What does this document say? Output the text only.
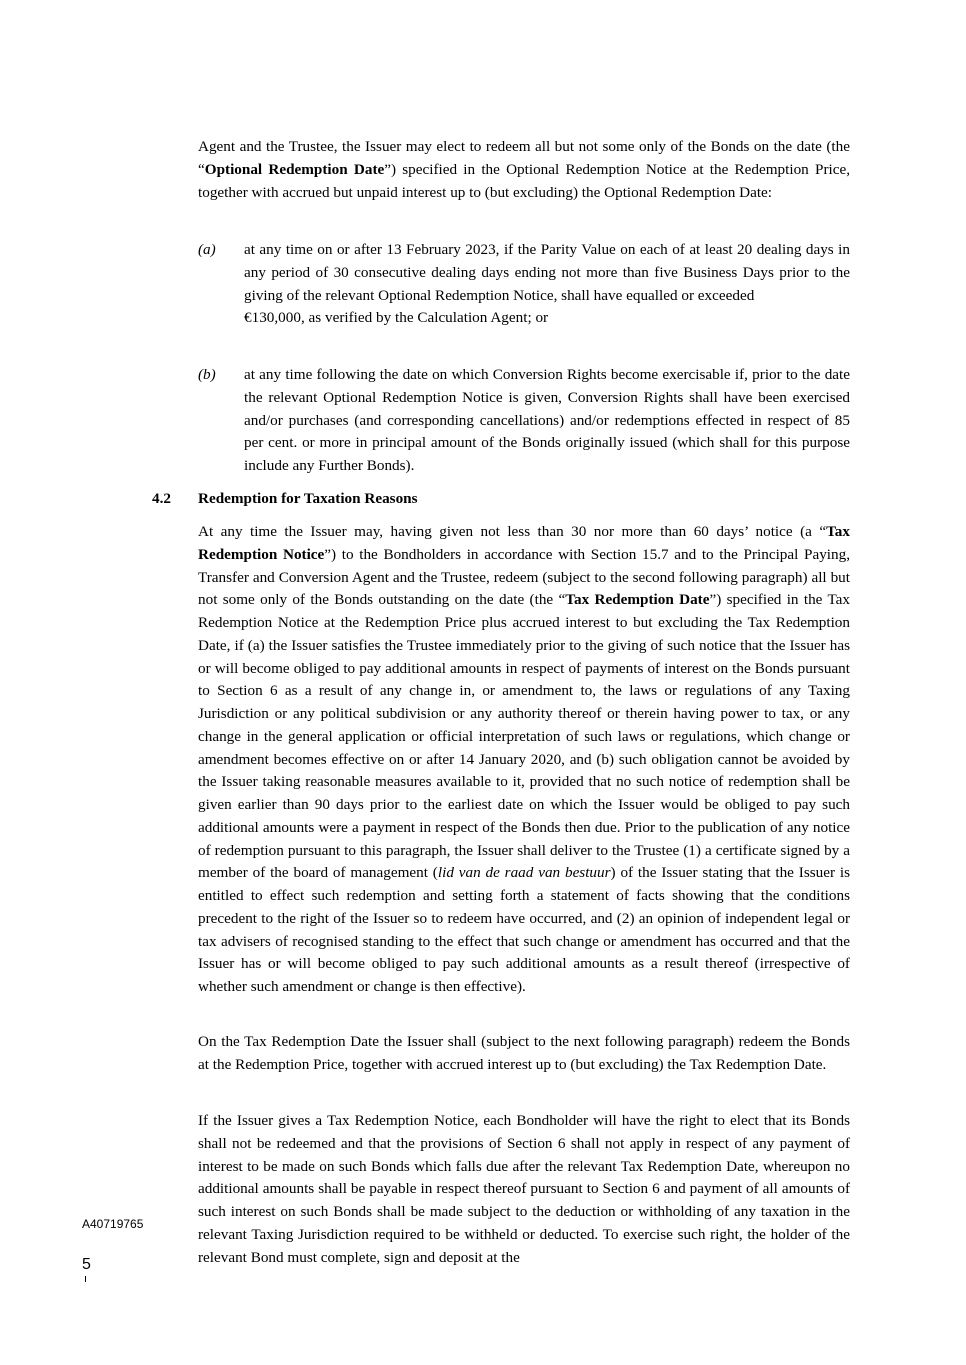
Agent and the Trustee, the Issuer may elect to redeem all but not some only of the Bonds on the date (the “Optional Redemption Date”) specified in the Optional Redemption Notice at the Redemption Price, together with accrued but unpaid interest up to (but excluding) the Optional Redemption Date:

(a) at any time on or after 13 February 2023, if the Parity Value on each of at least 20 dealing days in any period of 30 consecutive dealing days ending not more than five Business Days prior to the giving of the relevant Optional Redemption Notice, shall have equalled or exceeded
€130,000, as verified by the Calculation Agent; or

(b) at any time following the date on which Conversion Rights become exercisable if, prior to the date the relevant Optional Redemption Notice is given, Conversion Rights shall have been exercised and/or purchases (and corresponding cancellations) and/or redemptions effected in respect of 85 per cent. or more in principal amount of the Bonds originally issued (which shall for this purpose include any Further Bonds).

4.2 Redemption for Taxation Reasons

At any time the Issuer may, having given not less than 30 nor more than 60 days’ notice (a “Tax Redemption Notice”) to the Bondholders in accordance with Section 15.7 and to the Principal Paying, Transfer and Conversion Agent and the Trustee, redeem (subject to the second following paragraph) all but not some only of the Bonds outstanding on the date (the “Tax Redemption Date”) specified in the Tax Redemption Notice at the Redemption Price plus accrued interest to but excluding the Tax Redemption Date, if (a) the Issuer satisfies the Trustee immediately prior to the giving of such notice that the Issuer has or will become obliged to pay additional amounts in respect of payments of interest on the Bonds pursuant to Section 6 as a result of any change in, or amendment to, the laws or regulations of any Taxing Jurisdiction or any political subdivision or any authority thereof or therein having power to tax, or any change in the general application or official interpretation of such laws or regulations, which change or amendment becomes effective on or after 14 January 2020, and (b) such obligation cannot be avoided by the Issuer taking reasonable measures available to it, provided that no such notice of redemption shall be given earlier than 90 days prior to the earliest date on which the Issuer would be obliged to pay such additional amounts were a payment in respect of the Bonds then due. Prior to the publication of any notice of redemption pursuant to this paragraph, the Issuer shall deliver to the Trustee (1) a certificate signed by a member of the board of management (lid van de raad van bestuur) of the Issuer stating that the Issuer is entitled to effect such redemption and setting forth a statement of facts showing that the conditions precedent to the right of the Issuer so to redeem have occurred, and (2) an opinion of independent legal or tax advisers of recognised standing to the effect that such change or amendment has occurred and that the Issuer has or will become obliged to pay such additional amounts as a result thereof (irrespective of whether such amendment or change is then effective).

On the Tax Redemption Date the Issuer shall (subject to the next following paragraph) redeem the Bonds at the Redemption Price, together with accrued interest up to (but excluding) the Tax Redemption Date.

If the Issuer gives a Tax Redemption Notice, each Bondholder will have the right to elect that its Bonds shall not be redeemed and that the provisions of Section 6 shall not apply in respect of any payment of interest to be made on such Bonds which falls due after the relevant Tax Redemption Date, whereupon no additional amounts shall be payable in respect thereof pursuant to Section 6 and payment of all amounts of such interest on such Bonds shall be made subject to the deduction or withholding of any taxation in the relevant Taxing Jurisdiction required to be withheld or deducted. To exercise such right, the holder of the relevant Bond must complete, sign and deposit at the

A40719765
5
